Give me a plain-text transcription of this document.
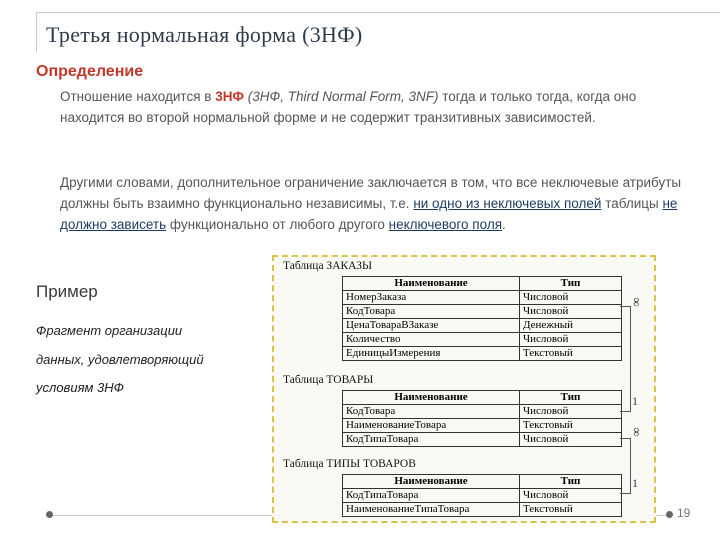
Третья нормальная форма (3НФ)
Определение
Отношение находится в 3НФ (3НФ, Third Normal Form, 3NF) тогда и только тогда, когда оно находится во второй нормальной форме и не содержит транзитивных зависимостей.
Другими словами, дополнительное ограничение заключается в том, что все неключевые атрибуты должны быть взаимно функционально независимы, т.е. ни одно из неключевых полей таблицы не должно зависеть функционально от любого другого неключевого поля.
Пример
Фрагмент организации
данных, удовлетворяющий
условиям 3НФ
Таблица ЗАКАЗЫ
Наименование	Тип
НомерЗаказа	Числовой
КодТовара	Числовой
ЦенаТовараВЗаказе	Денежный
Количество	Числовой
ЕдиницыИзмерения	Текстовый
Таблица ТОВАРЫ
Наименование	Тип
КодТовара	Числовой
НаименованиеТовара	Текстовый
КодТипаТовара	Числовой
Таблица ТИПЫ ТОВАРОВ
Наименование	Тип
КодТипаТовара	Числовой
НаименованиеТипаТовара	Текстовый
∞
1
∞
1
19
